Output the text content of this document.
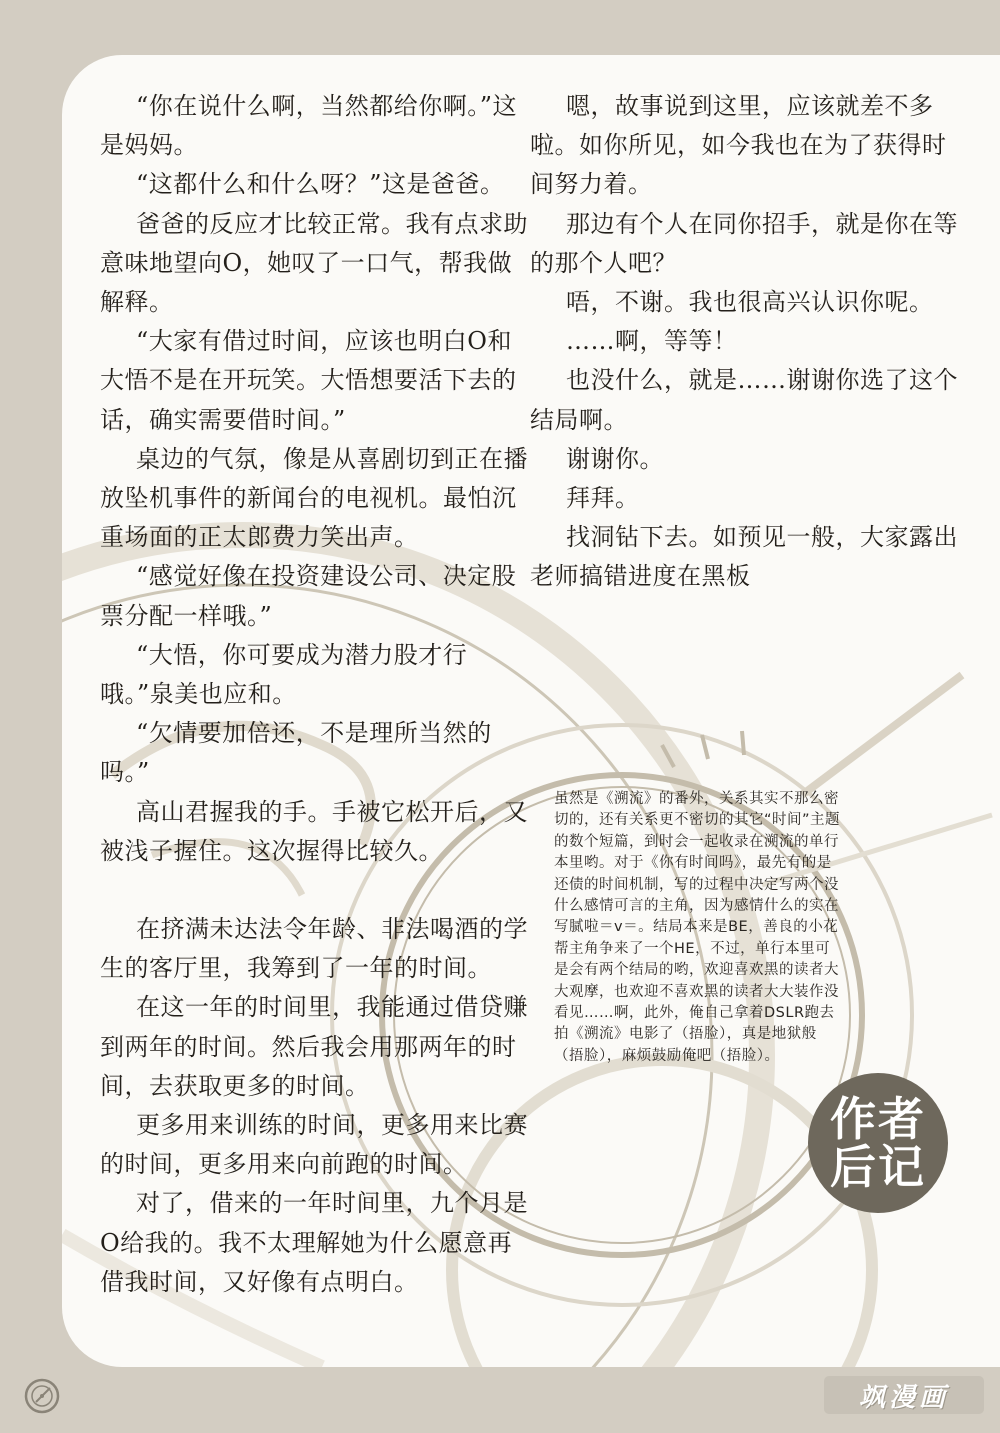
“你在说什么啊，当然都给你啊。”这是妈妈。

“这都什么和什么呀？”这是爸爸。

爸爸的反应才比较正常。我有点求助意味地望向O，她叹了一口气，帮我做解释。

“大家有借过时间，应该也明白O和大悟不是在开玩笑。大悟想要活下去的话，确实需要借时间。”

桌边的气氛，像是从喜剧切到正在播放坠机事件的新闻台的电视机。最怕沉重场面的正太郎费力笑出声。

“感觉好像在投资建设公司、决定股票分配一样哦。”

“大悟，你可要成为潜力股才行哦。”泉美也应和。

“欠情要加倍还，不是理所当然的吗。”

高山君握我的手。手被它松开后，又被浅子握住。这次握得比较久。

在挤满未达法令年龄、非法喝酒的学生的客厅里，我筹到了一年的时间。

在这一年的时间里，我能通过借贷赚到两年的时间。然后我会用那两年的时间，去获取更多的时间。

更多用来训练的时间，更多用来比赛的时间，更多用来向前跑的时间。

对了，借来的一年时间里，九个月是O给我的。我不太理解她为什么愿意再借我时间，又好像有点明白。

嗯，故事说到这里，应该就差不多啦。如你所见，如今我也在为了获得时间努力着。

那边有个人在同你招手，就是你在等的那个人吧？

唔，不谢。我也很高兴认识你呢。

……啊，等等！

也没什么，就是……谢谢你选了这个结局啊。

谢谢你。

拜拜。

找洞钻下去。如预见一般，大家露出老师搞错进度在黑板

虽然是《溯流》的番外，关系其实不那么密切的，还有关系更不密切的其它“时间”主题的数个短篇，到时会一起收录在溯流的单行本里哟。对于《你有时间吗》，最先有的是还债的时间机制，写的过程中决定写两个没什么感情可言的主角，因为感情什么的实在写腻啦＝v＝。结局本来是BE，善良的小花帮主角争来了一个HE，不过，单行本里可是会有两个结局的哟，欢迎喜欢黑的读者大大观摩，也欢迎不喜欢黑的读者大大装作没看见……啊，此外，俺自己拿着DSLR跑去拍《溯流》电影了（捂脸），真是地狱般（捂脸），麻烦鼓励俺吧（捂脸）。
作者
后记
飒漫画
